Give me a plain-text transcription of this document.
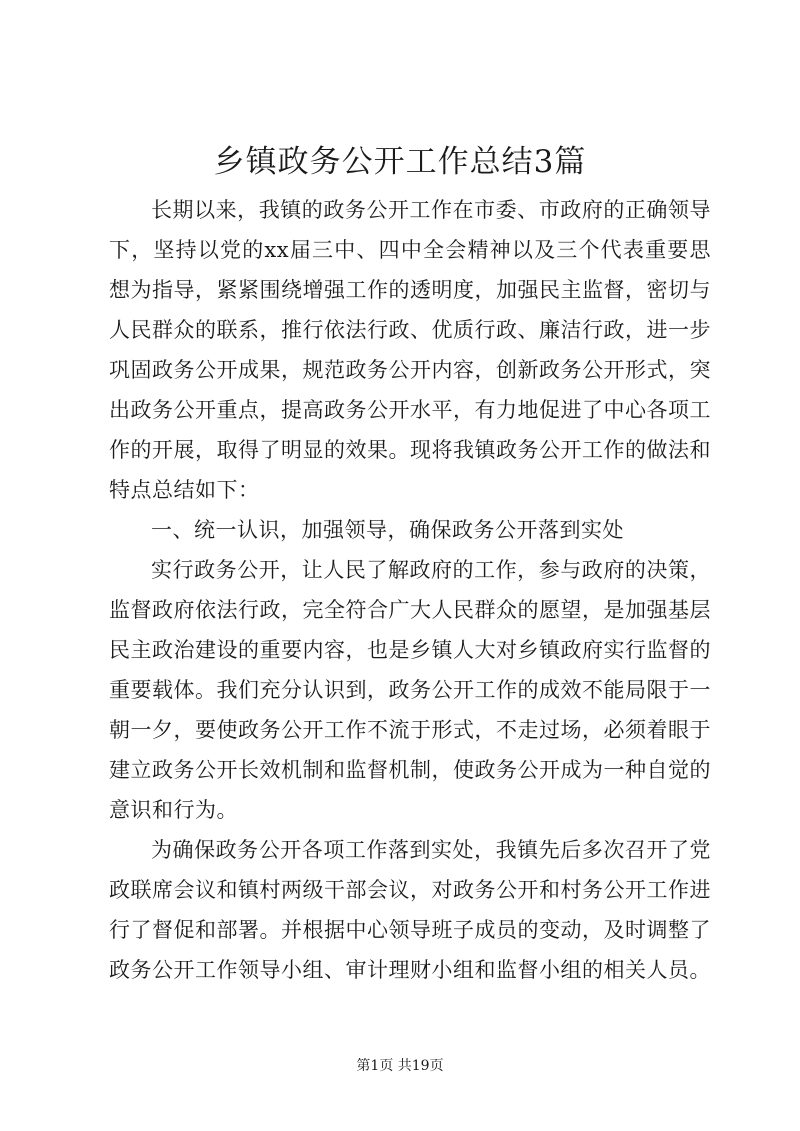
乡镇政务公开工作总结3篇

长期以来，我镇的政务公开工作在市委、市政府的正确领导下，坚持以党的xx届三中、四中全会精神以及三个代表重要思想为指导，紧紧围绕增强工作的透明度，加强民主监督，密切与人民群众的联系，推行依法行政、优质行政、廉洁行政，进一步巩固政务公开成果，规范政务公开内容，创新政务公开形式，突出政务公开重点，提高政务公开水平，有力地促进了中心各项工作的开展，取得了明显的效果。现将我镇政务公开工作的做法和特点总结如下：

一、统一认识，加强领导，确保政务公开落到实处

实行政务公开，让人民了解政府的工作，参与政府的决策，监督政府依法行政，完全符合广大人民群众的愿望，是加强基层民主政治建设的重要内容，也是乡镇人大对乡镇政府实行监督的重要载体。我们充分认识到，政务公开工作的成效不能局限于一朝一夕，要使政务公开工作不流于形式，不走过场，必须着眼于建立政务公开长效机制和监督机制，使政务公开成为一种自觉的意识和行为。

为确保政务公开各项工作落到实处，我镇先后多次召开了党政联席会议和镇村两级干部会议，对政务公开和村务公开工作进行了督促和部署。并根据中心领导班子成员的变动，及时调整了政务公开工作领导小组、审计理财小组和监督小组的相关人员。

第1页 共19页
